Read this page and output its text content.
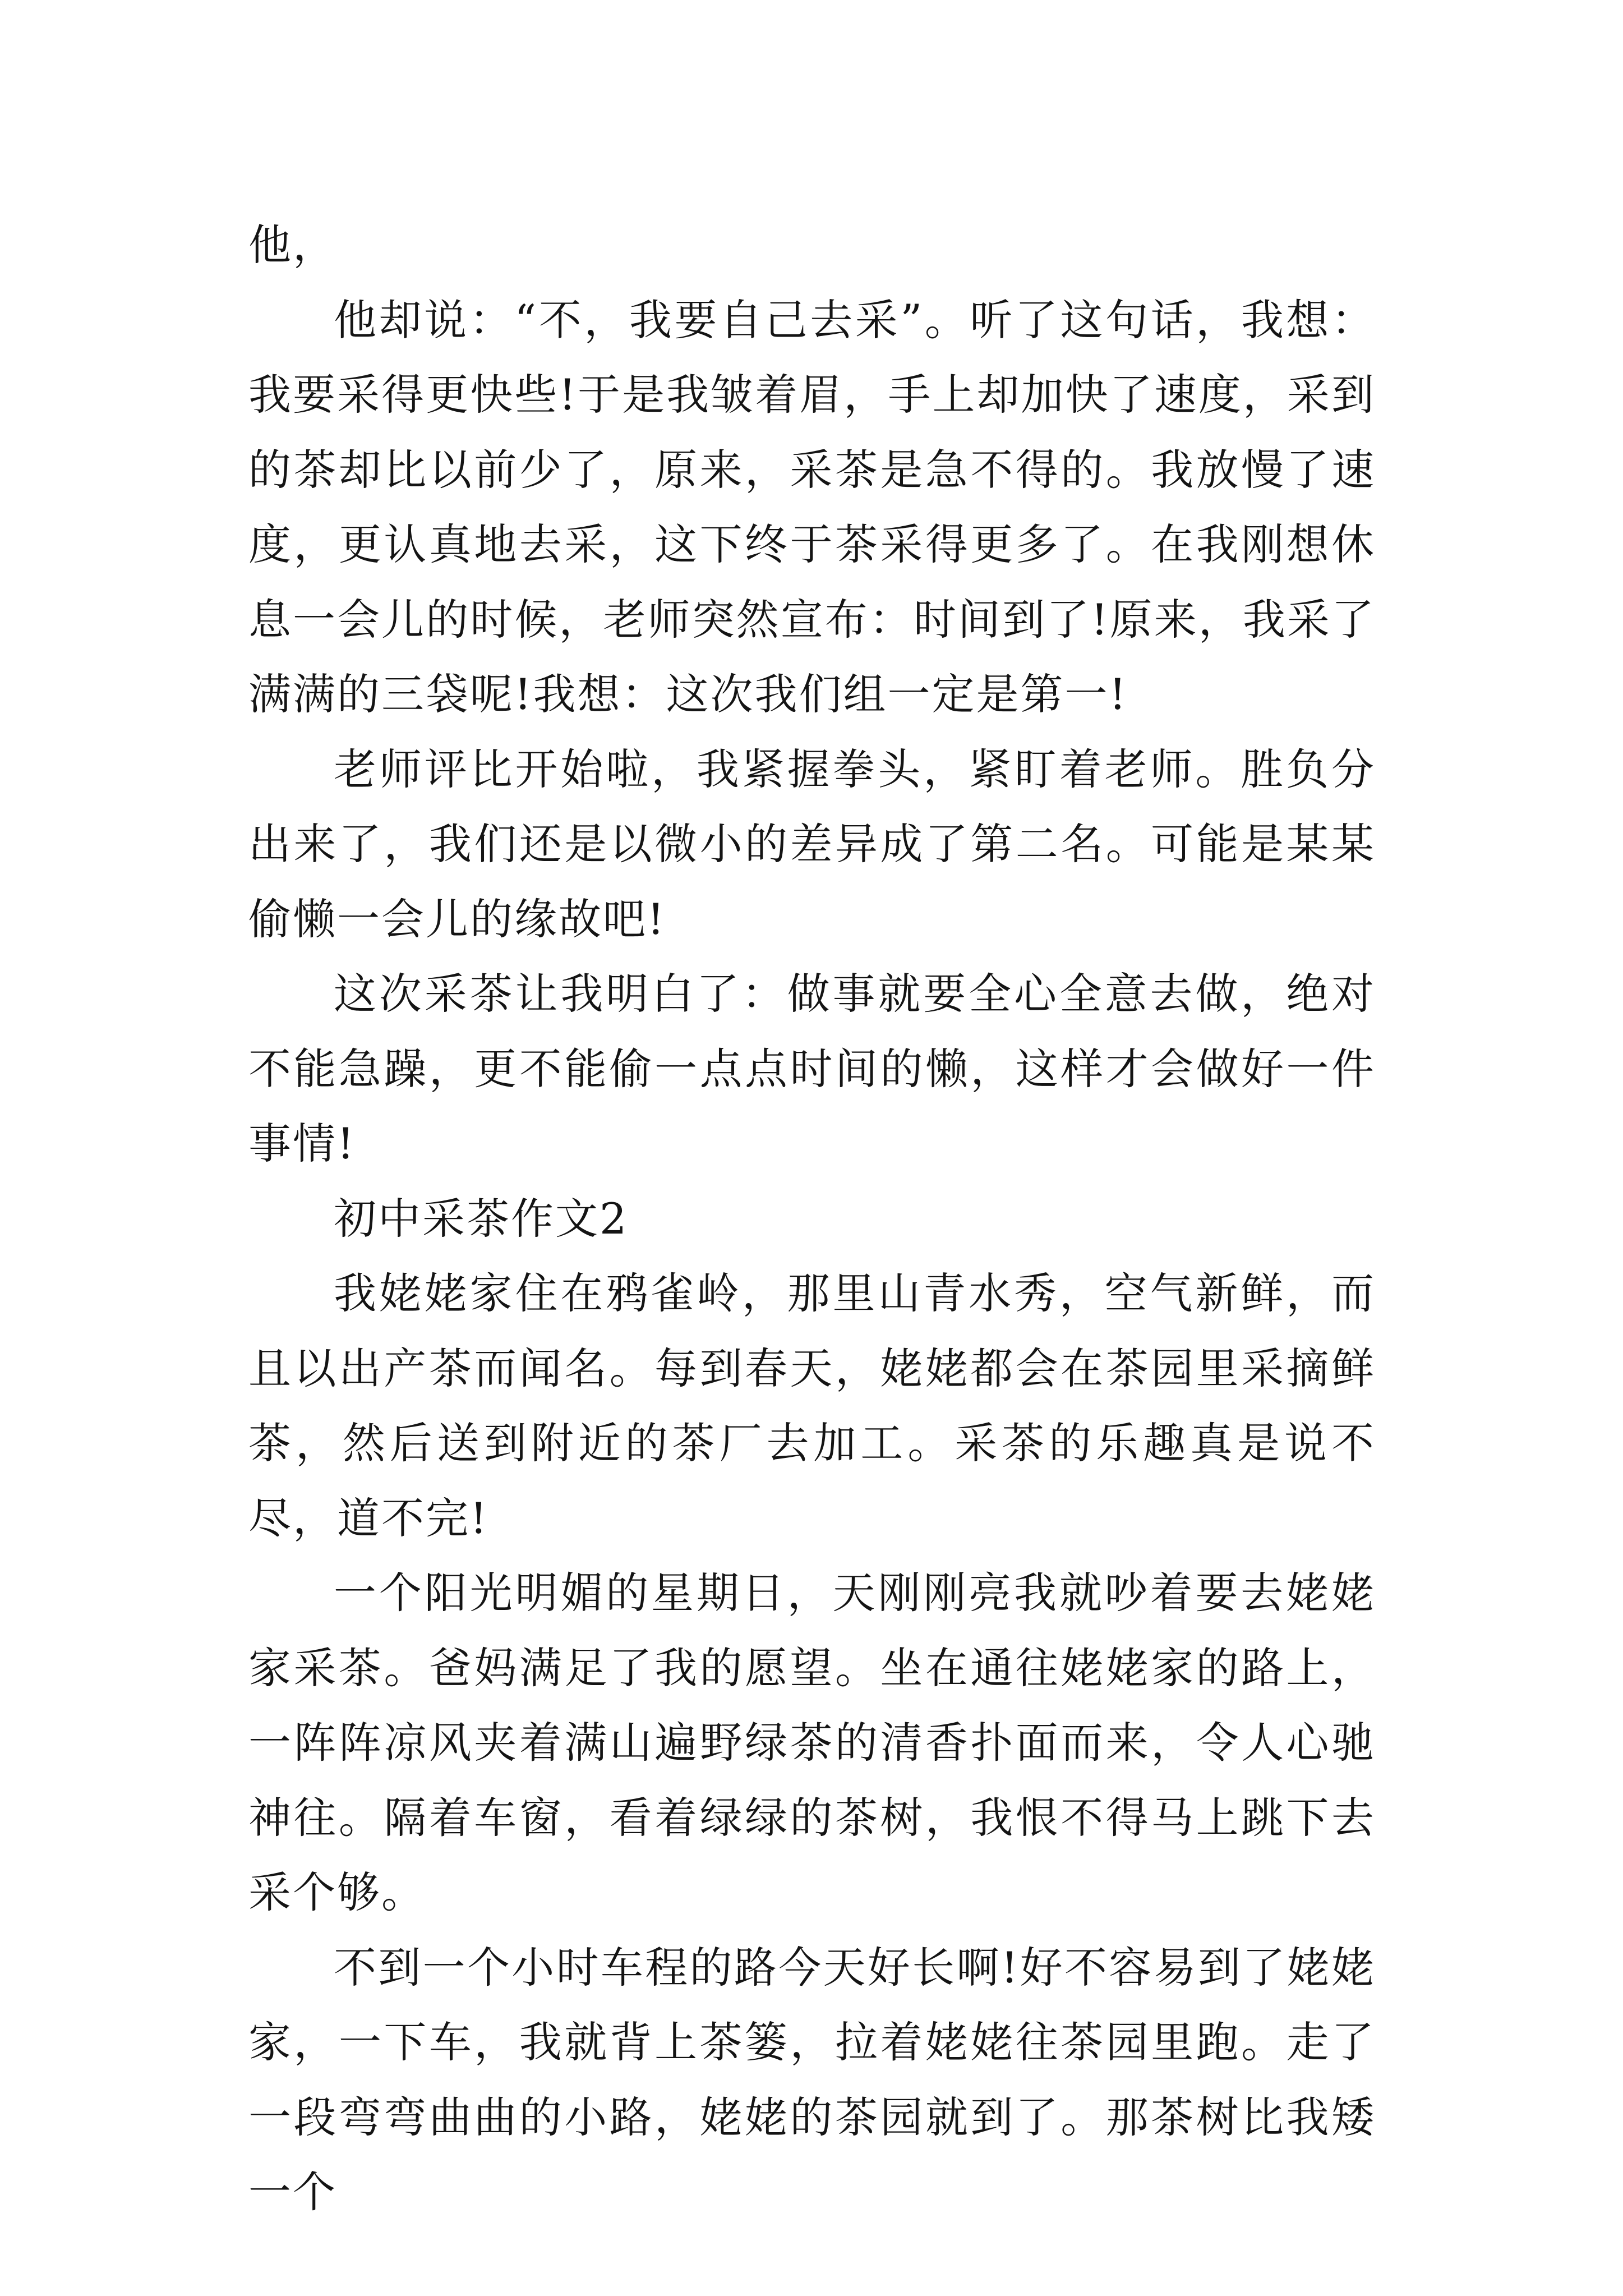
他，

他却说：“不，我要自己去采”。听了这句话，我想：我要采得更快些!于是我皱着眉，手上却加快了速度，采到的茶却比以前少了，原来，采茶是急不得的。我放慢了速度，更认真地去采，这下终于茶采得更多了。在我刚想休息一会儿的时候，老师突然宣布：时间到了!原来，我采了满满的三袋呢!我想：这次我们组一定是第一!

老师评比开始啦，我紧握拳头，紧盯着老师。胜负分出来了，我们还是以微小的差异成了第二名。可能是某某偷懒一会儿的缘故吧!

这次采茶让我明白了：做事就要全心全意去做，绝对不能急躁，更不能偷一点点时间的懒，这样才会做好一件事情!

初中采茶作文2

我姥姥家住在鸦雀岭，那里山青水秀，空气新鲜，而且以出产茶而闻名。每到春天，姥姥都会在茶园里采摘鲜茶，然后送到附近的茶厂去加工。采茶的乐趣真是说不尽，道不完!

一个阳光明媚的星期日，天刚刚亮我就吵着要去姥姥家采茶。爸妈满足了我的愿望。坐在通往姥姥家的路上，一阵阵凉风夹着满山遍野绿茶的清香扑面而来，令人心驰神往。隔着车窗，看着绿绿的茶树，我恨不得马上跳下去采个够。

不到一个小时车程的路今天好长啊!好不容易到了姥姥家，一下车，我就背上茶篓，拉着姥姥往茶园里跑。走了一段弯弯曲曲的小路，姥姥的茶园就到了。那茶树比我矮一个
